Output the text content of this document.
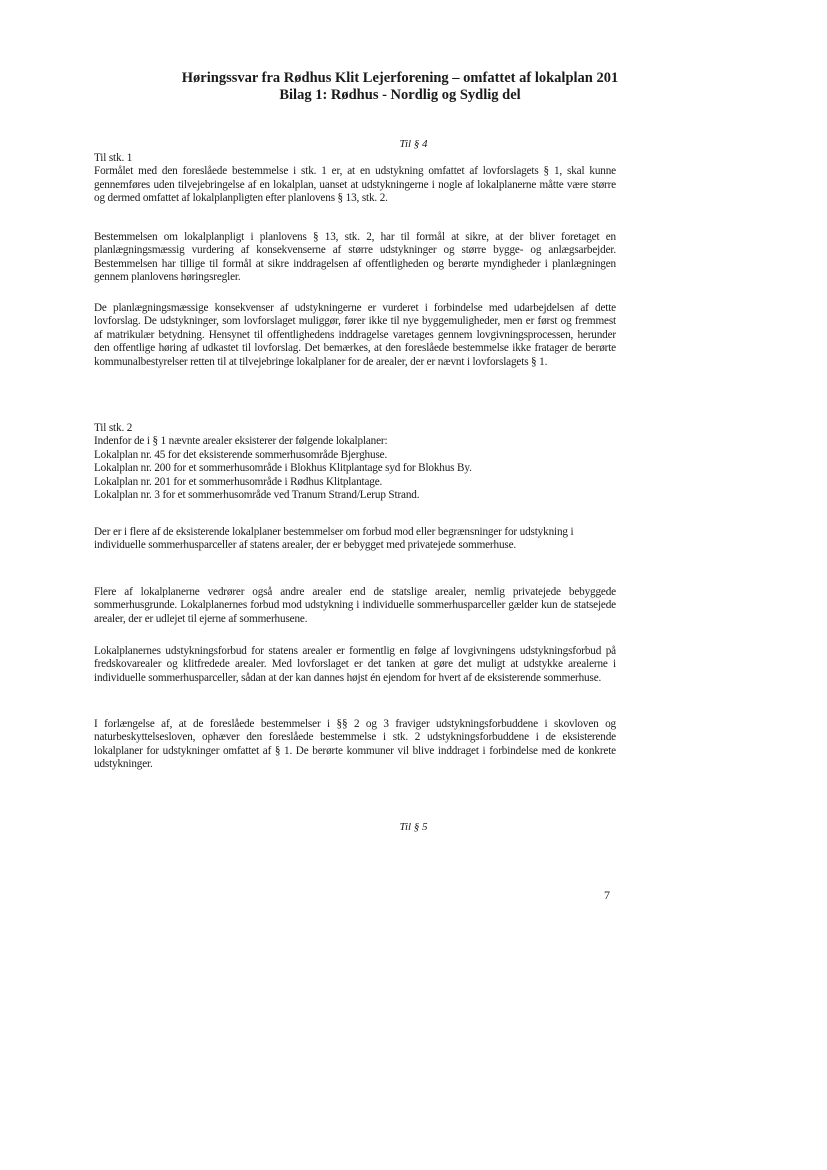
Høringssvar fra Rødhus Klit Lejerforening – omfattet af lokalplan 201
Bilag 1: Rødhus - Nordlig og Sydlig del
Til § 4

Til stk. 1

Formålet med den foreslåede bestemmelse i stk. 1 er, at en udstykning omfattet af lovforslagets § 1, skal kunne gennemføres uden tilvejebringelse af en lokalplan, uanset at udstykningerne i nogle af lokalplanerne måtte være større og dermed omfattet af lokalplanpligten efter planlovens § 13, stk. 2.

Bestemmelsen om lokalplanpligt i planlovens § 13, stk. 2, har til formål at sikre, at der bliver foretaget en planlægningsmæssig vurdering af konsekvenserne af større udstykninger og større bygge- og anlægsarbejder. Bestemmelsen har tillige til formål at sikre inddragelsen af offentligheden og berørte myndigheder i planlægningen gennem planlovens høringsregler.

De planlægningsmæssige konsekvenser af udstykningerne er vurderet i forbindelse med udarbejdelsen af dette lovforslag. De udstykninger, som lovforslaget muliggør, fører ikke til nye byggemuligheder, men er først og fremmest af matrikulær betydning. Hensynet til offentlighedens inddragelse varetages gennem lovgivningsprocessen, herunder den offentlige høring af udkastet til lovforslag. Det bemærkes, at den foreslåede bestemmelse ikke fratager de berørte kommunalbestyrelser retten til at tilvejebringe lokalplaner for de arealer, der er nævnt i lovforslagets § 1.

Til stk. 2

Indenfor de i § 1 nævnte arealer eksisterer der følgende lokalplaner:

Lokalplan nr. 45 for det eksisterende sommerhusområde Bjerghuse.

Lokalplan nr. 200 for et sommerhusområde i Blokhus Klitplantage syd for Blokhus By.

Lokalplan nr. 201 for et sommerhusområde i Rødhus Klitplantage.

Lokalplan nr. 3 for et sommerhusområde ved Tranum Strand/Lerup Strand.

Der er i flere af de eksisterende lokalplaner bestemmelser om forbud mod eller begrænsninger for udstykning i individuelle sommerhusparceller af statens arealer, der er bebygget med privatejede sommerhuse.

Flere af lokalplanerne vedrører også andre arealer end de statslige arealer, nemlig privatejede bebyggede sommerhusgrunde. Lokalplanernes forbud mod udstykning i individuelle sommerhusparceller gælder kun de statsejede arealer, der er udlejet til ejerne af sommerhusene.

Lokalplanernes udstykningsforbud for statens arealer er formentlig en følge af lovgivningens udstykningsforbud på fredskovarealer og klitfredede arealer. Med lovforslaget er det tanken at gøre det muligt at udstykke arealerne i individuelle sommerhusparceller, sådan at der kan dannes højst én ejendom for hvert af de eksisterende sommerhuse.

I forlængelse af, at de foreslåede bestemmelser i §§ 2 og 3 fraviger udstykningsforbuddene i skovloven og naturbeskyttelsesloven, ophæver den foreslåede bestemmelse i stk. 2 udstykningsforbuddene i de eksisterende lokalplaner for udstykninger omfattet af § 1. De berørte kommuner vil blive inddraget i forbindelse med de konkrete udstykninger.

Til § 5
7
